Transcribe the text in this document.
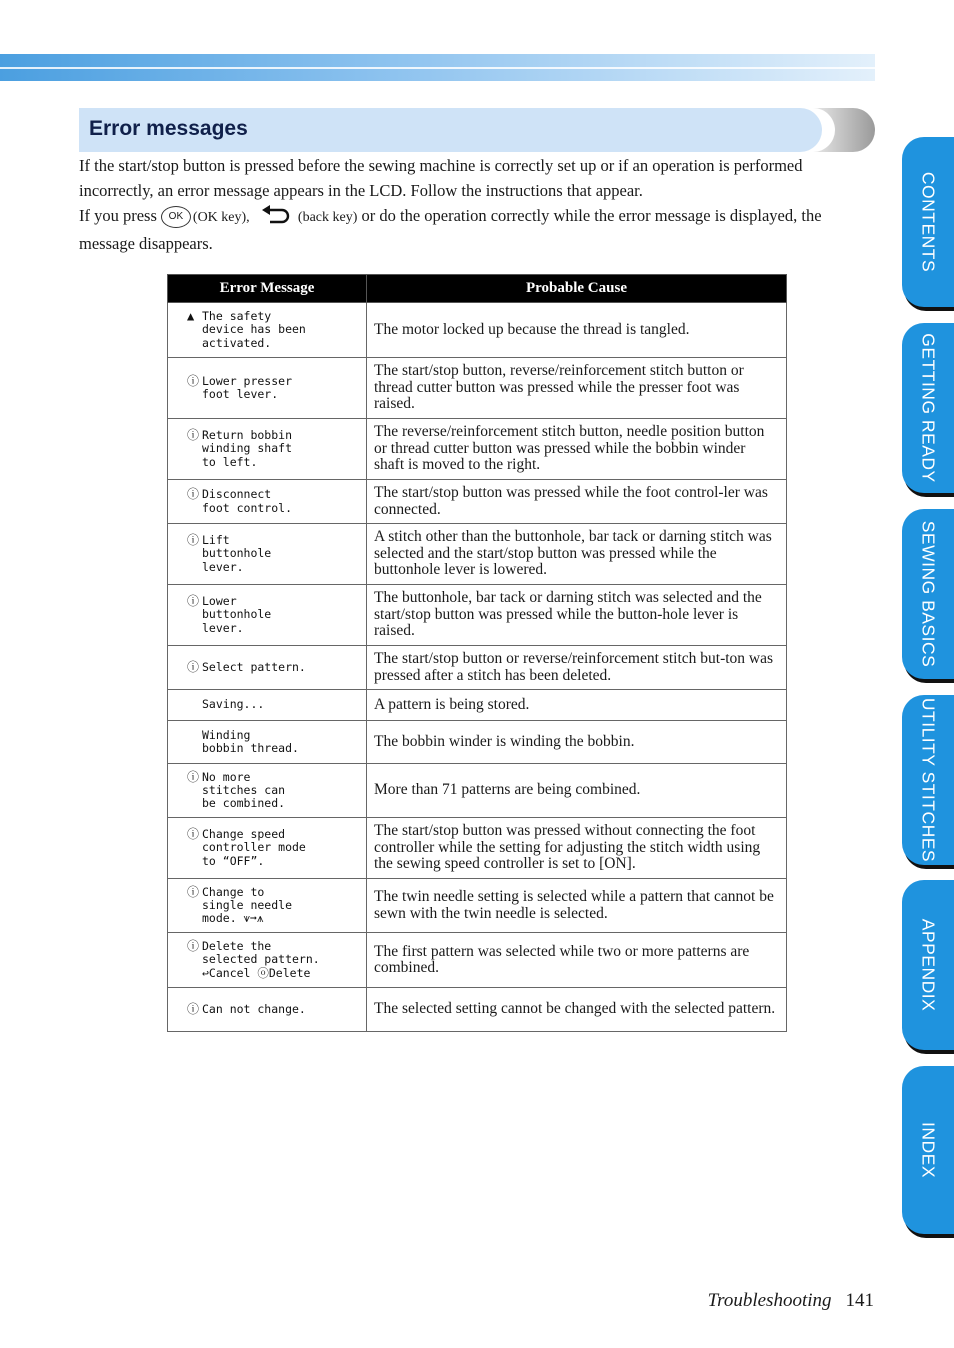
Error messages

If the start/stop button is pressed before the sewing machine is correctly set up or if an operation is performed incorrectly, an error message appears in the LCD. Follow the instructions that appear.

If you press OK (OK key),	(back key) or do the operation correctly while the error message is displayed, the message disappears.

Error Message	Probable Cause

▲ The safety
device has been
activated.	The motor locked up because the thread is tangled.

ⓘ Lower presser
foot lever.	The start/stop button, reverse/reinforcement stitch button or thread cutter button was pressed while the presser foot was raised.

ⓘ Return bobbin
winding shaft
to left.	The reverse/reinforcement stitch button, needle position button or thread cutter button was pressed while the bobbin winder shaft is moved to the right.

ⓘ Disconnect
foot control.	The start/stop button was pressed while the foot control-ler was connected.

ⓘ Lift
buttonhole
lever.	A stitch other than the buttonhole, bar tack or darning stitch was selected and the start/stop button was pressed while the buttonhole lever is lowered.

ⓘ Lower
buttonhole
lever.	The buttonhole, bar tack or darning stitch was selected and the start/stop button was pressed while the button-hole lever is raised.

ⓘ Select pattern.	The start/stop button or reverse/reinforcement stitch but-ton was pressed after a stitch has been deleted.

Saving...	A pattern is being stored.

Winding
bobbin thread.	The bobbin winder is winding the bobbin.

ⓘ No more
stitches can
be combined.	More than 71 patterns are being combined.

ⓘ Change speed
controller mode
to “OFF”.	The start/stop button was pressed without connecting the foot controller while the setting for adjusting the stitch width using the sewing speed controller is set to [ON].

ⓘ Change to
single needle
mode. ⩛➞⩚	The twin needle setting is selected while a pattern that cannot be sewn with the twin needle is selected.

ⓘ Delete the
selected pattern.
↩Cancel ⓞDelete	The first pattern was selected while two or more patterns are combined.

ⓘ Can not change.	The selected setting cannot be changed with the selected pattern.
CONTENTS
GETTING READY
SEWING BASICS
UTILITY STITCHES
APPENDIX
INDEX
Troubleshooting 141
